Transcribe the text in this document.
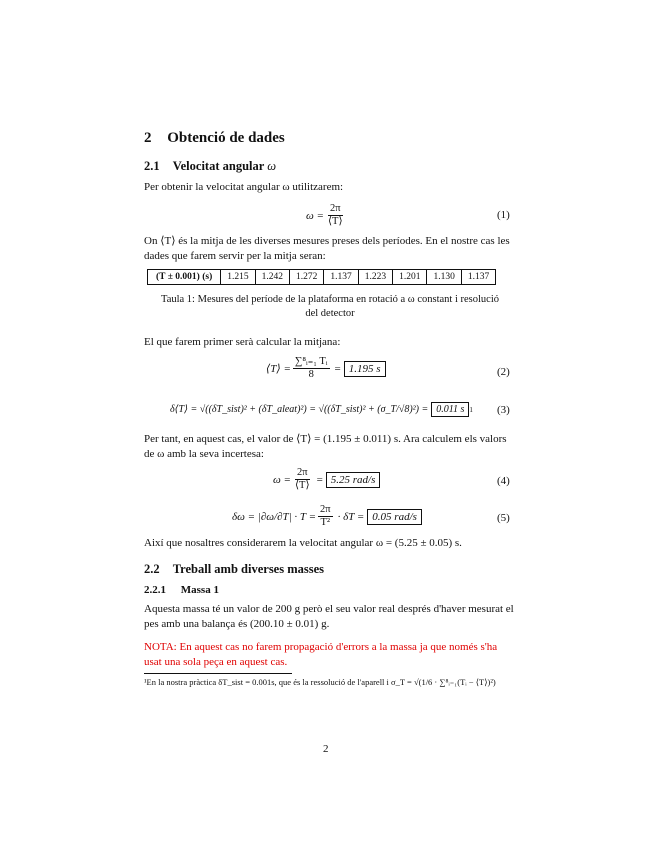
2 Obtenció de dades
2.1 Velocitat angular ω
Per obtenir la velocitat angular ω utilitzarem:
$\omega = \frac{2\pi}{⟨T⟩}$	(1)
On ⟨T⟩ és la mitja de les diverses mesures preses dels períodes. En el nostre cas les dades que farem servir per la mitja seran:
(T ± 0.001) (s)	1.215	1.242	1.272	1.137	1.223	1.201	1.130	1.137
Taula 1: Mesures del període de la plataforma en rotació a ω constant i resolució del detector
El que farem primer serà calcular la mitjana:
⟨T⟩ = $\frac{\text{∑⁸ᵢ₌₁ Tᵢ}}{8} = 1.195$ s	(2)
δ⟨T⟩ = √((δT_sist)² + (δT_aleat)²) = √((δT_sist)² + (σ_T/√8)²) = 0.011 s 1 (3)
Per tant, en aquest cas, el valor de ⟨T⟩ = (1.195 ± 0.011) s. Ara calculem els valors de ω amb la seva incertesa:
$\omega = \frac{2\pi}{⟨T⟩} = 5.25$ rad/s	(4)
$\delta\omega = |\partial\omega/\partial T| \cdot T = \frac{2\pi}{\text{T²}} \cdot \delta T = 0.05$ rad/s	(5)
Així que nosaltres considerarem la velocitat angular ω = (5.25 ± 0.05) s.
2.2 Treball amb diverses masses
2.2.1 Massa 1
Aquesta massa té un valor de 200 g però el seu valor real després d'haver mesurat el pes amb una balança és (200.10 ± 0.01) g.
NOTA: En aquest cas no farem propagació d'errors a la massa ja que només s'ha usat una sola peça en aquest cas.
¹En la nostra pràctica δT_sist = 0.001s, que és la ressolució de l'aparell i σ_T = √(1/6 · ∑⁸ᵢ₌₁(Tᵢ − ⟨T⟩)²)
2
